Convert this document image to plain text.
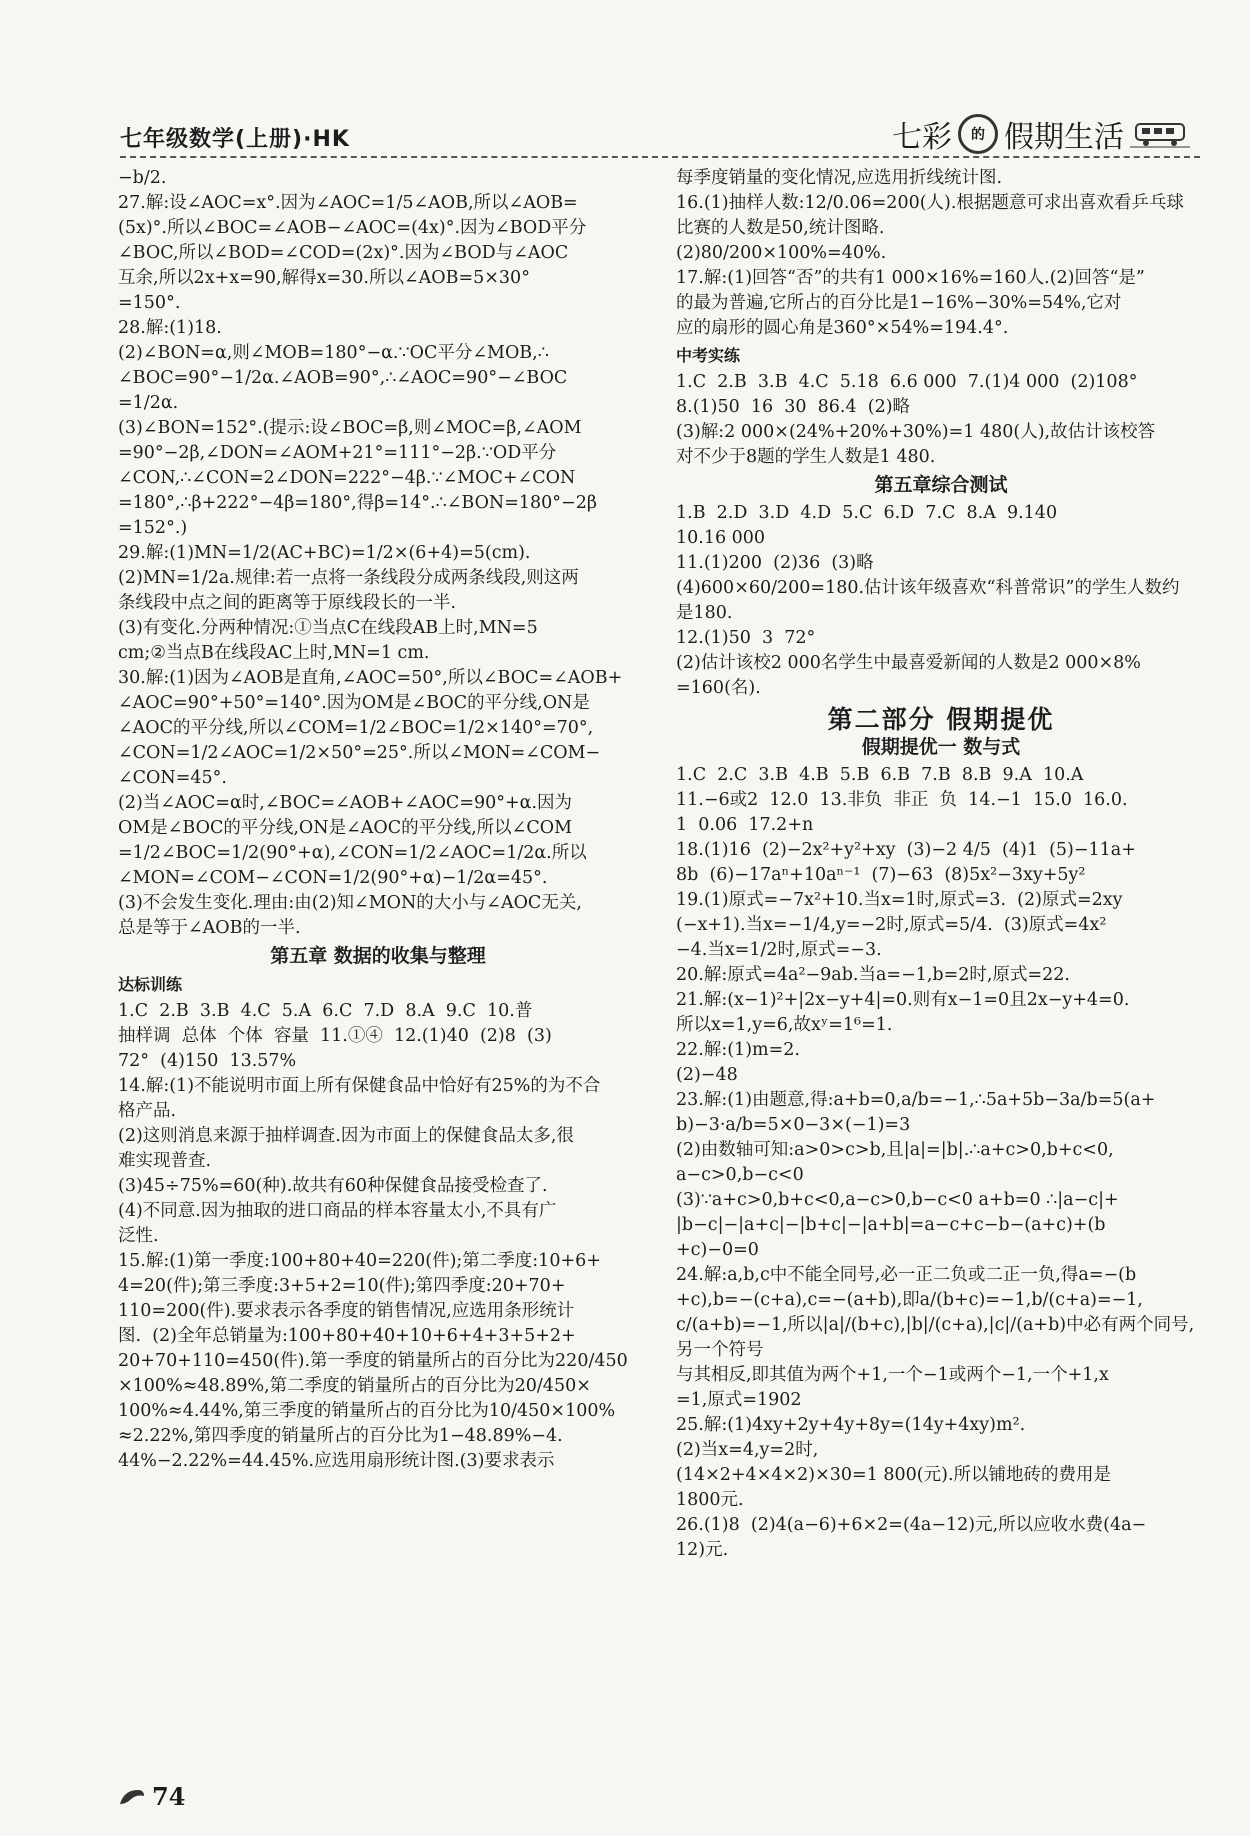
七年级数学(上册)·HK	七彩	的 假期生活
−b/2.
27.解:设∠AOC=x°.因为∠AOC=1/5∠AOB,所以∠AOB=
(5x)°.所以∠BOC=∠AOB−∠AOC=(4x)°.因为∠BOD平分
∠BOC,所以∠BOD=∠COD=(2x)°.因为∠BOD与∠AOC
互余,所以2x+x=90,解得x=30.所以∠AOB=5×30°
=150°.
28.解:(1)18.
(2)∠BON=α,则∠MOB=180°−α.∵OC平分∠MOB,∴
∠BOC=90°−1/2α.∠AOB=90°,∴∠AOC=90°−∠BOC
=1/2α.
(3)∠BON=152°.(提示:设∠BOC=β,则∠MOC=β,∠AOM
=90°−2β,∠DON=∠AOM+21°=111°−2β.∵OD平分
∠CON,∴∠CON=2∠DON=222°−4β.∵∠MOC+∠CON
=180°,∴β+222°−4β=180°,得β=14°.∴∠BON=180°−2β
=152°.)
29.解:(1)MN=1/2(AC+BC)=1/2×(6+4)=5(cm).
(2)MN=1/2a.规律:若一点将一条线段分成两条线段,则这两
条线段中点之间的距离等于原线段长的一半.
(3)有变化.分两种情况:①当点C在线段AB上时,MN=5
cm;②当点B在线段AC上时,MN=1 cm.
30.解:(1)因为∠AOB是直角,∠AOC=50°,所以∠BOC=∠AOB+
∠AOC=90°+50°=140°.因为OM是∠BOC的平分线,ON是
∠AOC的平分线,所以∠COM=1/2∠BOC=1/2×140°=70°,
∠CON=1/2∠AOC=1/2×50°=25°.所以∠MON=∠COM−
∠CON=45°.
(2)当∠AOC=α时,∠BOC=∠AOB+∠AOC=90°+α.因为
OM是∠BOC的平分线,ON是∠AOC的平分线,所以∠COM
=1/2∠BOC=1/2(90°+α),∠CON=1/2∠AOC=1/2α.所以
∠MON=∠COM−∠CON=1/2(90°+α)−1/2α=45°.
(3)不会发生变化.理由:由(2)知∠MON的大小与∠AOC无关,
总是等于∠AOB的一半.
第五章 数据的收集与整理
达标训练
1.C  2.B  3.B  4.C  5.A  6.C  7.D  8.A  9.C  10.普
抽样调  总体  个体  容量  11.①④  12.(1)40  (2)8  (3)
72°  (4)150  13.57%
14.解:(1)不能说明市面上所有保健食品中恰好有25%的为不合
格产品.
(2)这则消息来源于抽样调查.因为市面上的保健食品太多,很
难实现普查.
(3)45÷75%=60(种).故共有60种保健食品接受检查了.
(4)不同意.因为抽取的进口商品的样本容量太小,不具有广
泛性.
15.解:(1)第一季度:100+80+40=220(件);第二季度:10+6+
4=20(件);第三季度:3+5+2=10(件);第四季度:20+70+
110=200(件).要求表示各季度的销售情况,应选用条形统计
图.  (2)全年总销量为:100+80+40+10+6+4+3+5+2+
20+70+110=450(件).第一季度的销量所占的百分比为220/450
×100%≈48.89%,第二季度的销量所占的百分比为20/450×
100%≈4.44%,第三季度的销量所占的百分比为10/450×100%
≈2.22%,第四季度的销量所占的百分比为1−48.89%−4.
44%−2.22%=44.45%.应选用扇形统计图.(3)要求表示
每季度销量的变化情况,应选用折线统计图.
16.(1)抽样人数:12/0.06=200(人).根据题意可求出喜欢看乒乓球
比赛的人数是50,统计图略.
(2)80/200×100%=40%.
17.解:(1)回答“否”的共有1 000×16%=160人.(2)回答“是”
的最为普遍,它所占的百分比是1−16%−30%=54%,它对
应的扇形的圆心角是360°×54%=194.4°.
中考实练
1.C  2.B  3.B  4.C  5.18  6.6 000  7.(1)4 000  (2)108°
8.(1)50  16  30  86.4  (2)略
(3)解:2 000×(24%+20%+30%)=1 480(人),故估计该校答
对不少于8题的学生人数是1 480.
第五章综合测试
1.B  2.D  3.D  4.D  5.C  6.D  7.C  8.A  9.140
10.16 000
11.(1)200  (2)36  (3)略
(4)600×60/200=180.估计该年级喜欢“科普常识”的学生人数约
是180.
12.(1)50  3  72°
(2)估计该校2 000名学生中最喜爱新闻的人数是2 000×8%
=160(名).
第二部分 假期提优
假期提优一 数与式
1.C  2.C  3.B  4.B  5.B  6.B  7.B  8.B  9.A  10.A
11.−6或2  12.0  13.非负  非正  负  14.−1  15.0  16.0.
1  0.06  17.2+n
18.(1)16  (2)−2x²+y²+xy  (3)−2 4/5  (4)1  (5)−11a+
8b  (6)−17aⁿ+10aⁿ⁻¹  (7)−63  (8)5x²−3xy+5y²
19.(1)原式=−7x²+10.当x=1时,原式=3.  (2)原式=2xy
(−x+1).当x=−1/4,y=−2时,原式=5/4.  (3)原式=4x²
−4.当x=1/2时,原式=−3.
20.解:原式=4a²−9ab.当a=−1,b=2时,原式=22.
21.解:(x−1)²+|2x−y+4|=0.则有x−1=0且2x−y+4=0.
所以x=1,y=6,故xʸ=1⁶=1.
22.解:(1)m=2.
(2)−48
23.解:(1)由题意,得:a+b=0,a/b=−1,∴5a+5b−3a/b=5(a+
b)−3·a/b=5×0−3×(−1)=3
(2)由数轴可知:a>0>c>b,且|a|=|b|.∴a+c>0,b+c<0,
a−c>0,b−c<0
(3)∵a+c>0,b+c<0,a−c>0,b−c<0 a+b=0 ∴|a−c|+
|b−c|−|a+c|−|b+c|−|a+b|=a−c+c−b−(a+c)+(b
+c)−0=0
24.解:a,b,c中不能全同号,必一正二负或二正一负,得a=−(b
+c),b=−(c+a),c=−(a+b),即a/(b+c)=−1,b/(c+a)=−1,
c/(a+b)=−1,所以|a|/(b+c),|b|/(c+a),|c|/(a+b)中必有两个同号,另一个符号
与其相反,即其值为两个+1,一个−1或两个−1,一个+1,x
=1,原式=1902
25.解:(1)4xy+2y+4y+8y=(14y+4xy)m².
(2)当x=4,y=2时,
(14×2+4×4×2)×30=1 800(元).所以铺地砖的费用是
1800元.
26.(1)8  (2)4(a−6)+6×2=(4a−12)元,所以应收水费(4a−
12)元.
74
